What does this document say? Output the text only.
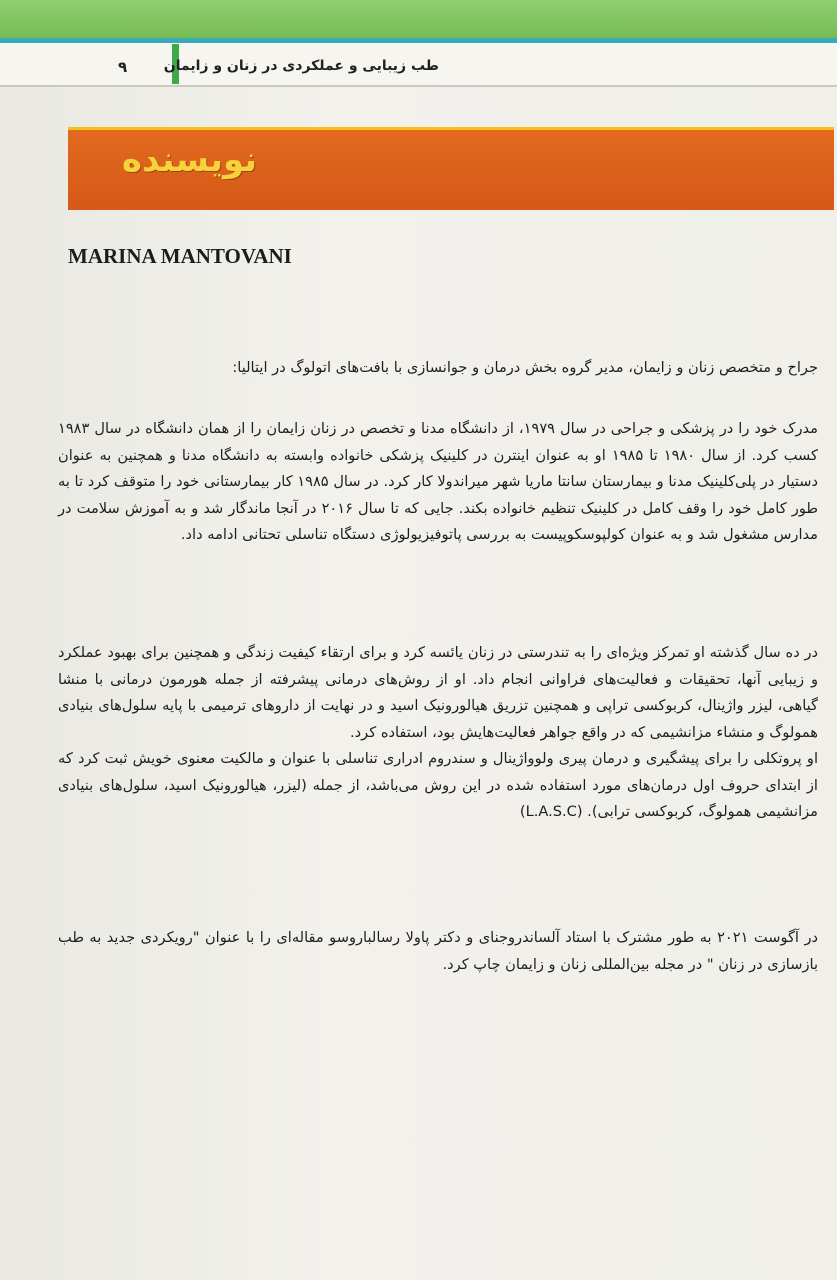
طب زیبایی و عملکردی در زنان و زایمان
۹
نویسنده
MARINA MANTOVANI

جراح و متخصص زنان و زایمان، مدیر گروه بخش درمان و جوانسازی با بافت‌های اتولوگ در ایتالیا:

مدرک خود را در پزشکی و جراحی در سال ۱۹۷۹، از دانشگاه مدنا و تخصص در زنان زایمان را از همان دانشگاه در سال ۱۹۸۳ کسب کرد. از سال ۱۹۸۰ تا ۱۹۸۵ او به عنوان اینترن در کلینیک پزشکی خانواده وابسته به دانشگاه مدنا و همچنین به عنوان دستیار در پلی‌کلینیک مدنا و بیمارستان سانتا ماریا شهر میراندولا کار کرد. در سال ۱۹۸۵ کار بیمارستانی خود را متوقف کرد تا به طور کامل خود را وقف کامل در کلینیک تنظیم خانواده بکند. جایی که تا سال ۲۰۱۶ در آنجا ماندگار شد و به آموزش سلامت در مدارس مشغول شد و به عنوان کولپوسکوپیست به بررسی پاتوفیزیولوژی دستگاه تناسلی تحتانی ادامه داد.

در ده سال گذشته او تمرکز ویژه‌ای را به تندرستی در زنان یائسه کرد و برای ارتقاء کیفیت زندگی و همچنین برای بهبود عملکرد و زیبایی آنها، تحقیقات و فعالیت‌های فراوانی انجام داد. او از روش‌های درمانی پیشرفته از جمله هورمون درمانی با منشا گیاهی، لیزر واژینال، کربوکسی تراپی و همچنین تزریق هیالورونیک اسید و در نهایت از داروهای ترمیمی با پایه سلول‌های بنیادی همولوگ و منشاء مزانشیمی که در واقع جواهر فعالیت‌هایش بود، استفاده کرد.

او پروتکلی را برای پیشگیری و درمان پیری ولوواژینال و سندروم ادراری تناسلی با عنوان و مالکیت معنوی خویش ثبت کرد که از ابتدای حروف اول درمان‌های مورد استفاده شده در این روش می‌باشد، از جمله (لیزر، هیالورونیک اسید، سلول‌های بنیادی مزانشیمی همولوگ، کربوکسی ترابی). (L.A.S.C)

در آگوست ۲۰۲۱ به طور مشترک با استاد آلساندروجنای و دکتر پاولا رسالباروسو مقاله‌ای را با عنوان "رویکردی جدید به طب بازسازی در زنان " در مجله بین‌المللی زنان و زایمان چاپ کرد.
